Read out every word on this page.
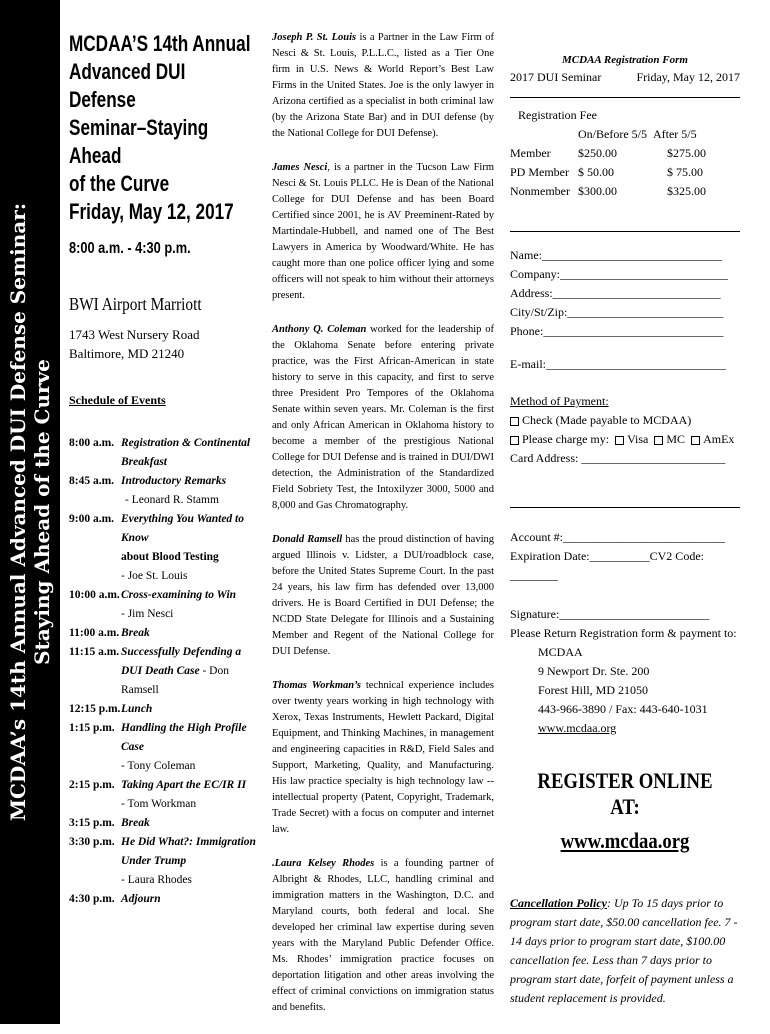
MCDAA’s 14th Annual Advanced DUI Defense Seminar: Staying Ahead of the Curve
MCDAA’S 14th Annual
Advanced DUI Defense
Seminar–Staying Ahead
of the Curve
Friday, May 12, 2017
8:00 a.m. - 4:30 p.m.
BWI Airport Marriott
1743 West Nursery Road
Baltimore, MD 21240
Schedule of Events
8:00 a.m. Registration & Continental Breakfast
8:45 a.m. Introductory Remarks
- Leonard R. Stamm
9:00 a.m. Everything You Wanted to Know
about Blood Testing
- Joe St. Louis
10:00 a.m. Cross-examining to Win
- Jim Nesci
11:00 a.m. Break
11:15 a.m. Successfully Defending a DUI Death Case - Don Ramsell
12:15 p.m. Lunch
1:15 p.m. Handling the High Profile Case
- Tony Coleman
2:15 p.m. Taking Apart the EC/IR II
- Tom Workman
3:15 p.m. Break
3:30 p.m. He Did What?: Immigration Under Trump
- Laura Rhodes
4:30 p.m. Adjourn
Joseph P. St. Louis is a Partner in the Law Firm of Nesci & St. Louis, P.L.L.C., listed as a Tier One firm in U.S. News & World Report’s Best Law Firms in the United States. Joe is the only lawyer in Arizona certified as a specialist in both criminal law (by the Arizona State Bar) and in DUI defense (by the National College for DUI Defense).
James Nesci, is a partner in the Tucson Law Firm Nesci & St. Louis PLLC. He is Dean of the National College for DUI Defense and has been Board Certified since 2001, he is AV Preeminent-Rated by Martindale-Hubbell, and named one of The Best Lawyers in America by Woodward/White. He has caught more than one police officer lying and some officers will not speak to him without their attorneys present.
Anthony Q. Coleman worked for the leadership of the Oklahoma Senate before entering private practice, was the First African-American in state history to serve in this capacity, and first to serve three President Pro Tempores of the Oklahoma Senate within seven years. Mr. Coleman is the first and only African American in Oklahoma history to become a member of the prestigious National College for DUI Defense and is trained in DUI/DWI detection, the Administration of the Standardized Field Sobriety Test, the Intoxilyzer 3000, 5000 and 8,000 and Gas Chromatography.
Donald Ramsell has the proud distinction of having argued Illinois v. Lidster, a DUI/roadblock case, before the United States Supreme Court. In the past 24 years, his law firm has defended over 13,000 drivers. He is Board Certified in DUI Defense; the NCDD State Delegate for Illinois and a Sustaining Member and Regent of the National College for DUI Defense.
Thomas Workman’s technical experience includes over twenty years working in high technology with Xerox, Texas Instruments, Hewlett Packard, Digital Equipment, and Thinking Machines, in management and engineering capacities in R&D, Field Sales and Support, Marketing, Quality, and Manufacturing. His law practice specialty is high technology law -- intellectual property (Patent, Copyright, Trademark, Trade Secret) with a focus on computer and internet law.
.Laura Kelsey Rhodes is a founding partner of Albright & Rhodes, LLC, handling criminal and immigration matters in the Washington, D.C. and Maryland courts, both federal and local. She developed her criminal law expertise during seven years with the Maryland Public Defender Office. Ms. Rhodes’ immigration practice focuses on deportation litigation and other areas involving the effect of criminal convictions on immigration status and benefits.
MCDAA Registration Form
2017 DUI Seminar	Friday, May 12, 2017
Registration Fee
	On/Before 5/5	After 5/5
Member	$250.00	$275.00
PD Member	$ 50.00	$ 75.00
Nonmember	$300.00	$325.00
Name:______________________________
Company:____________________________
Address:____________________________
City/St/Zip:__________________________
Phone:______________________________
E-mail:______________________________
Method of Payment:
Check (Made payable to MCDAA)
Please charge my: Visa MC AmEx
Card Address: ________________________
Account #:___________________________
Expiration Date:__________CV2 Code: ________
Signature:_________________________
Please Return Registration form & payment to:
MCDAA
9 Newport Dr. Ste. 200
Forest Hill, MD 21050
443-966-3890 / Fax: 443-640-1031
www.mcdaa.org
REGISTER ONLINE AT:
www.mcdaa.org
Cancellation Policy: Up To 15 days prior to program start date, $50.00 cancellation fee. 7 - 14 days prior to program start date, $100.00 cancellation fee. Less than 7 days prior to program start date, forfeit of payment unless a student replacement is provided.
